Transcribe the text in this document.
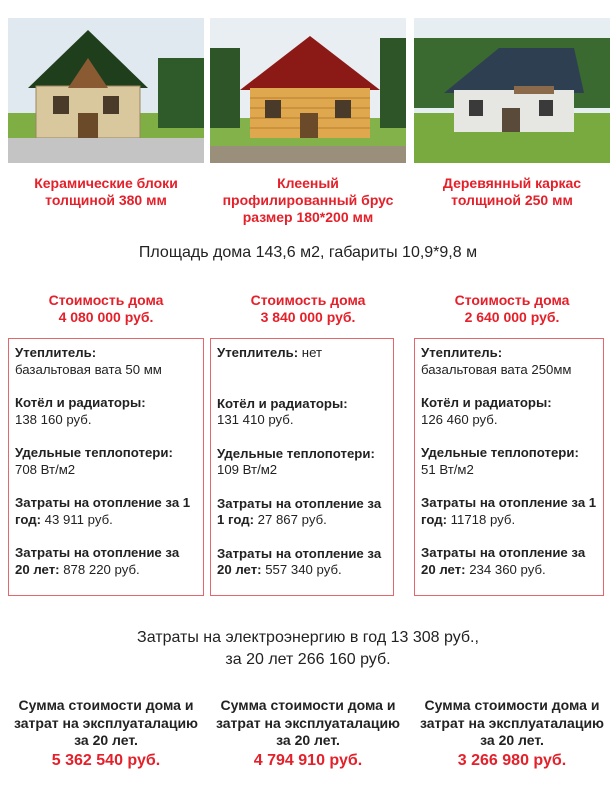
Керамические блоки толщиной 380 мм
Клееный профилированный брус размер 180*200 мм
Деревянный каркас толщиной 250 мм
Площадь дома 143,6 м2, габариты 10,9*9,8 м
Стоимость дома
4 080 000 руб.
Стоимость дома
3 840 000 руб.
Стоимость дома
2 640 000 руб.
Утеплитель:
базальтовая вата 50 мм
Котёл и радиаторы:
138 160 руб.
Удельные теплопотери: 708 Вт/м2
Затраты на отопление за 1 год: 43 911 руб.
Затраты на отопление за 20 лет: 878 220 руб.
Утеплитель: нет
Котёл и радиаторы:
131 410 руб.
Удельные теплопотери: 109 Вт/м2
Затраты на отопление за 1 год: 27 867 руб.
Затраты на отопление за 20 лет: 557 340 руб.
Утеплитель:
базальтовая вата 250мм
Котёл и радиаторы:
126 460 руб.
Удельные теплопотери: 51 Вт/м2
Затраты на отопление за 1 год: 11718 руб.
Затраты на отопление за 20 лет: 234 360 руб.
Затраты на электроэнергию в год 13 308 руб.,
за 20 лет 266 160 руб.
Сумма стоимости дома и затрат на эксплуаталацию за 20 лет.
5 362 540 руб.
Сумма стоимости дома и затрат на эксплуаталацию за 20 лет.
4 794 910 руб.
Сумма стоимости дома и затрат на эксплуаталацию за 20 лет.
3 266 980 руб.
